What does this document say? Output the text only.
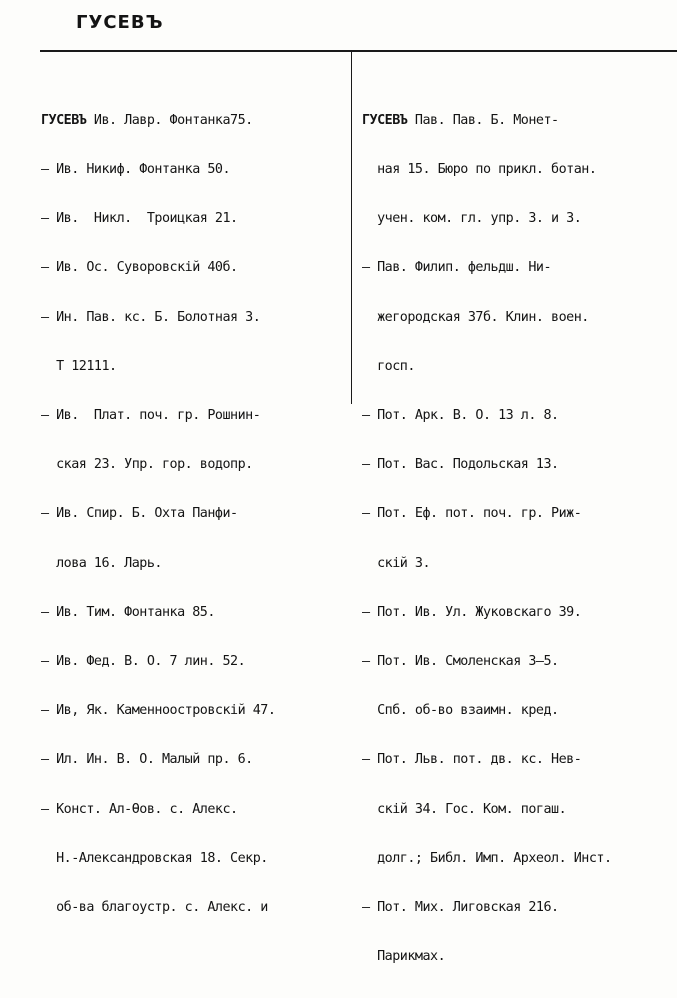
ГУСЕВЪ

ГУСЕВЪ Ив. Лавр. Фонтанка75.

— Ив. Никиф. Фонтанка 50.

— Ив.  Никл.  Троицкая 21.

— Ив. Ос. Суворовскій 40б.

— Ин. Пав. кс. Б. Болотная 3.

Т 12111.

— Ив.  Плат. поч. гр. Рошнин-

ская 23. Упр. гор. водопр.

— Ив. Спир. Б. Охта Панфи-

лова 16. Ларь.

— Ив. Тим. Фонтанка 85.

— Ив. Фед. В. О. 7 лин. 52.

— Ив, Як. Каменноостровскій 47.

— Ил. Ин. В. О. Малый пр. 6.

— Конст. Ал-Ѳов. с. Алекс.

Н.-Александровская 18. Секр.

об-ва благоустр. с. Алекс. и

ГУСЕВЪ Пав. Пав. Б. Монет-

ная 15. Бюро по прикл. ботан.

учен. ком. гл. упр. З. и З.

— Пав. Филип. фельдш. Ни-

жегородская 37б. Клин. воен.

госп.

— Пот. Арк. В. О. 13 л. 8.

— Пот. Вас. Подольская 13.

— Пот. Еф. пот. поч. гр. Риж-

скій 3.

— Пот. Ив. Ул. Жуковскаго 39.

— Пот. Ив. Смоленская 3—5.

Спб. об-во взаимн. кред.

— Пот. Льв. пот. дв. кс. Нев-

скій 34. Гос. Ком. погаш.

долг.; Библ. Имп. Археол. Инст.

— Пот. Мих. Лиговская 216.

Парикмах.
